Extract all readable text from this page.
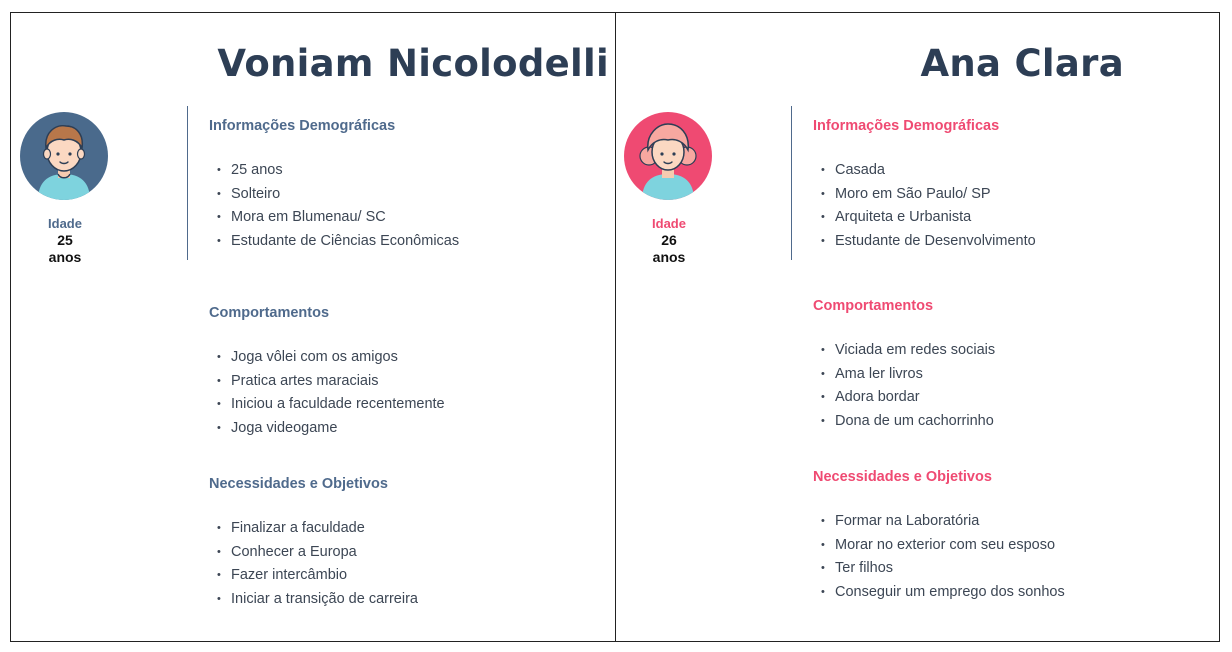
Voniam Nicolodelli
Idade
25
anos
Informações Demográficas
• 25 anos
• Solteiro
• Mora em Blumenau/ SC
• Estudante de Ciências Econômicas
Comportamentos
• Joga vôlei com os amigos
• Pratica artes maraciais
• Iniciou a faculdade recentemente
• Joga videogame
Necessidades e Objetivos
• Finalizar a faculdade
• Conhecer a Europa
• Fazer intercâmbio
• Iniciar a transição de carreira
Ana Clara
Idade
26
anos
Informações Demográficas
• Casada
• Moro em São Paulo/ SP
• Arquiteta e Urbanista
• Estudante de Desenvolvimento
Comportamentos
• Viciada em redes sociais
• Ama ler livros
• Adora bordar
• Dona de um cachorrinho
Necessidades e Objetivos
• Formar na Laboratória
• Morar no exterior com seu esposo
• Ter filhos
• Conseguir um emprego dos sonhos
